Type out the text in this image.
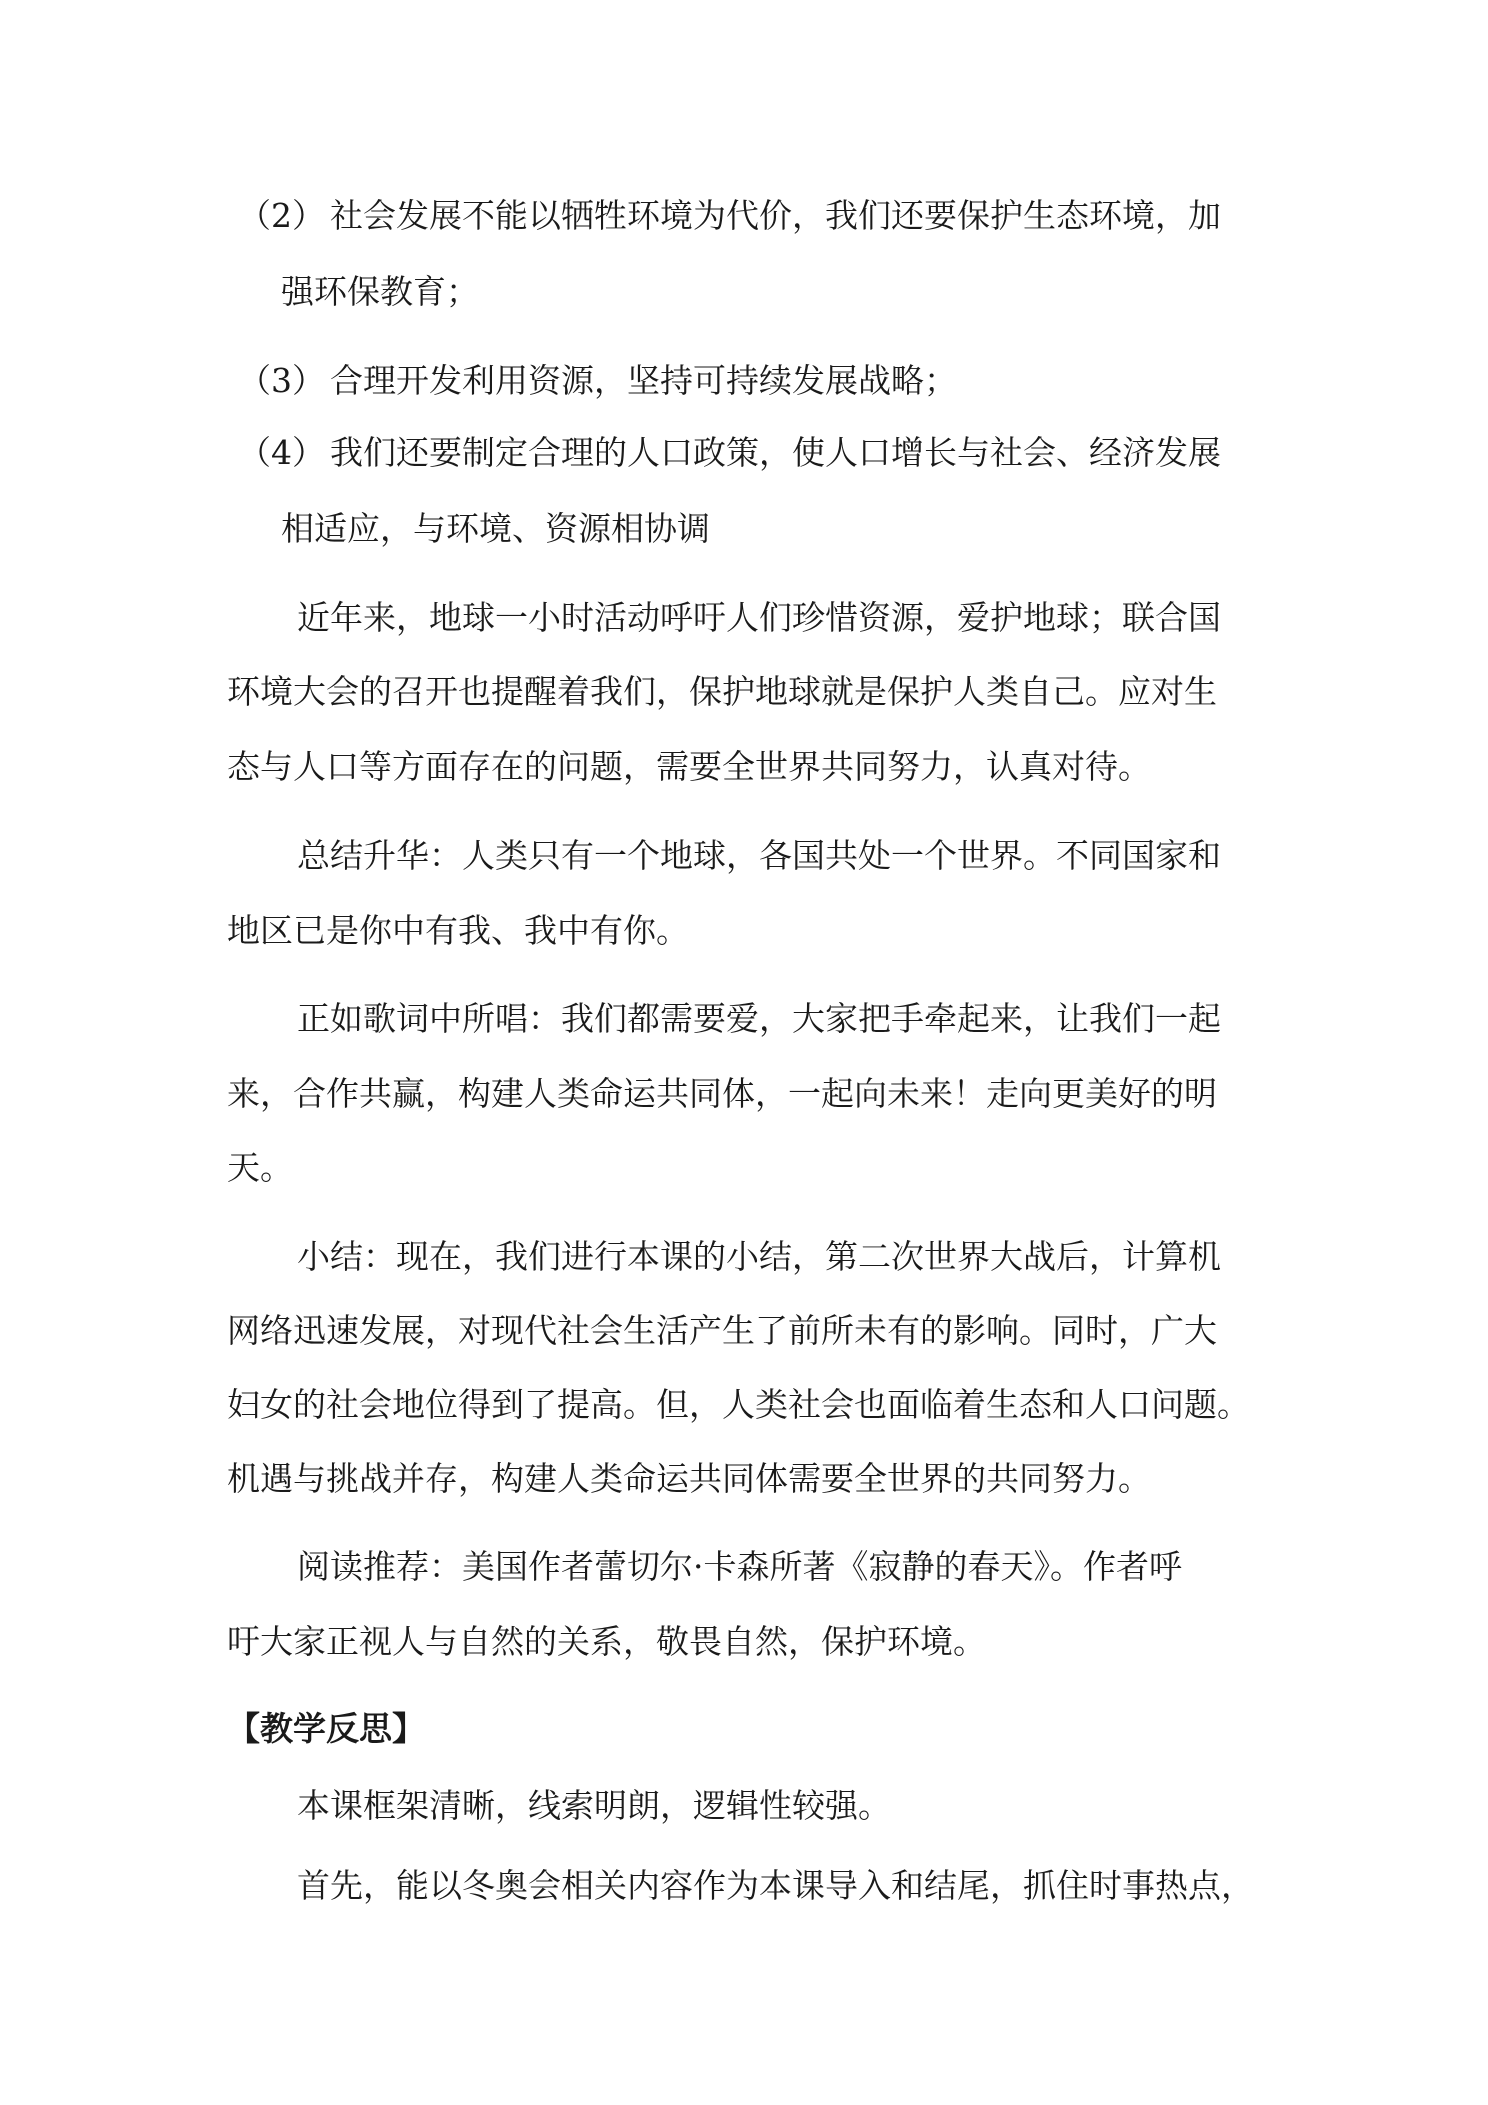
（2） 社会发展不能以牺牲环境为代价，我们还要保护生态环境，加
强环保教育；
（3） 合理开发利用资源，坚持可持续发展战略；
（4） 我们还要制定合理的人口政策，使人口增长与社会、经济发展
相适应，与环境、资源相协调
近年来，地球一小时活动呼吁人们珍惜资源，爱护地球；联合国
环境大会的召开也提醒着我们，保护地球就是保护人类自己。应对生
态与人口等方面存在的问题，需要全世界共同努力，认真对待。
总结升华：人类只有一个地球，各国共处一个世界。不同国家和
地区已是你中有我、我中有你。
正如歌词中所唱：我们都需要爱，大家把手牵起来，让我们一起
来，合作共赢，构建人类命运共同体，一起向未来！走向更美好的明
天。
小结：现在，我们进行本课的小结，第二次世界大战后，计算机
网络迅速发展，对现代社会生活产生了前所未有的影响。同时，广大
妇女的社会地位得到了提高。但，人类社会也面临着生态和人口问题。
机遇与挑战并存，构建人类命运共同体需要全世界的共同努力。
阅读推荐：美国作者蕾切尔·卡森所著《寂静的春天》。作者呼
吁大家正视人与自然的关系，敬畏自然，保护环境。
【教学反思】
本课框架清晰，线索明朗，逻辑性较强。
首先，能以冬奥会相关内容作为本课导入和结尾，抓住时事热点，
